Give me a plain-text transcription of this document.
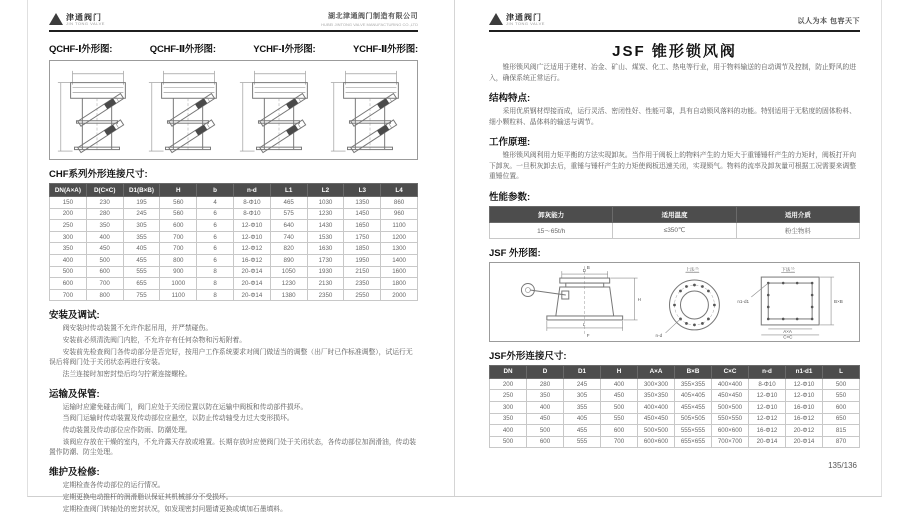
津通阀门
JIN TONG VALVE
湖北津通阀门制造有限公司
HUBEI JINTONG VALVE MANUFACTURING CO.,LTD
QCHF-Ⅰ外形图:	QCHF-Ⅱ外形图:	YCHF-Ⅰ外形图:	YCHF-Ⅱ外形图:
CHF系列外形连接尺寸:
DN(A×A)	D(C×C)	D1(B×B)	H	b	n-d	L1	L2	L3	L4
150	230	195	560	4	8-Φ10	465	1030	1350	860
200	280	245	560	6	8-Φ10	575	1230	1450	960
250	350	305	600	6	12-Φ10	640	1430	1650	1100
300	400	355	700	6	12-Φ10	740	1530	1750	1200
350	450	405	700	6	12-Φ12	820	1630	1850	1300
400	500	455	800	6	16-Φ12	890	1730	1950	1400
500	600	555	900	8	20-Φ14	1050	1930	2150	1600
600	700	655	1000	8	20-Φ14	1230	2130	2350	1800
700	800	755	1100	8	20-Φ14	1380	2350	2550	2000
安装及调试:
阀安装时传动装置不允许作起吊用，并严禁碰伤。
安装前必须清洗阀门内腔，不允许存有任何杂物和污垢附着。
安装前先检查阀门各传动部分是否完好，按用户工作系统要求对阀门做适当的调整（出厂时已作标准调整），试运行无误后将阀门处于关闭状态再进行安装。
法兰连接时加密封垫后均匀拧紧连接螺栓。
运输及保管:
运输时应避免碰击阀门，阀门应处于关闭位置以防在运输中阀板和传动部件损坏。
当阀门运输时传动装置及传动部位应悬空，以防止传动轴受力过大变形损坏。
传动装置及传动部位应作防雨、防潮处理。
该阀应存放在干燥的室内，不允许露天存放或堆置。长期存放时应使阀门处于关闭状态，各传动部位加润滑油，传动装置作防潮、防尘处理。
维护及检修:
定期检查各传动部位的运行情况。
定期更换电动推杆的润滑脂以保证其机械部分不受损坏。
定期检查阀门转轴处的密封状况，如发现密封问题请更换或填加石墨填料。
津通阀门
JIN TONG VALVE	以人为本 包容天下
JSF 锥形锁风阀
锥形锁风阀广泛适用于建材、冶金、矿山、煤炭、化工、热电等行业，用于物料输送的自动调节及控制，防止野风的进入，确保系统正常运行。
结构特点:
采用优质钢材焊接而成，运行灵活、密闭性好、性能可靠，具有自动锁风落料的功能。特别适用于无粘度的固体粉料、细小颗粒料、晶体料的输送与调节。
工作原理:
锥形锁风阀利用力矩平衡的方法实现卸灰。当作用于阀板上的物料产生的力矩大于重锤锤杆产生的力矩时，阀板打开向下卸灰。一旦积灰卸去后，重锤与锤杆产生的力矩使阀板迅速关闭，实现锁气。物料的流率及卸灰量可根据工况需要来调整重锤位置。
性能参数:
卸灰能力	适用温度	适用介质
15～65t/h	≤350℃	粉尘物料
JSF 外形图:
B
D
L
H
F
上法兰
n-d
下法兰
n1-d1	B×B
A×A
C×C
JSF外形连接尺寸:
DN	D	D1	H	A×A	B×B	C×C	n-d	n1-d1	L
200	280	245	400	300×300	355×355	400×400	8-Φ10	12-Φ10	500
250	350	305	450	350×350	405×405	450×450	12-Φ10	12-Φ10	550
300	400	355	500	400×400	455×455	500×500	12-Φ10	16-Φ10	600
350	450	405	550	450×450	505×505	550×550	12-Φ12	16-Φ12	650
400	500	455	600	500×500	555×555	600×600	16-Φ12	20-Φ12	815
500	600	555	700	600×600	655×655	700×700	20-Φ14	20-Φ14	870
135/136
